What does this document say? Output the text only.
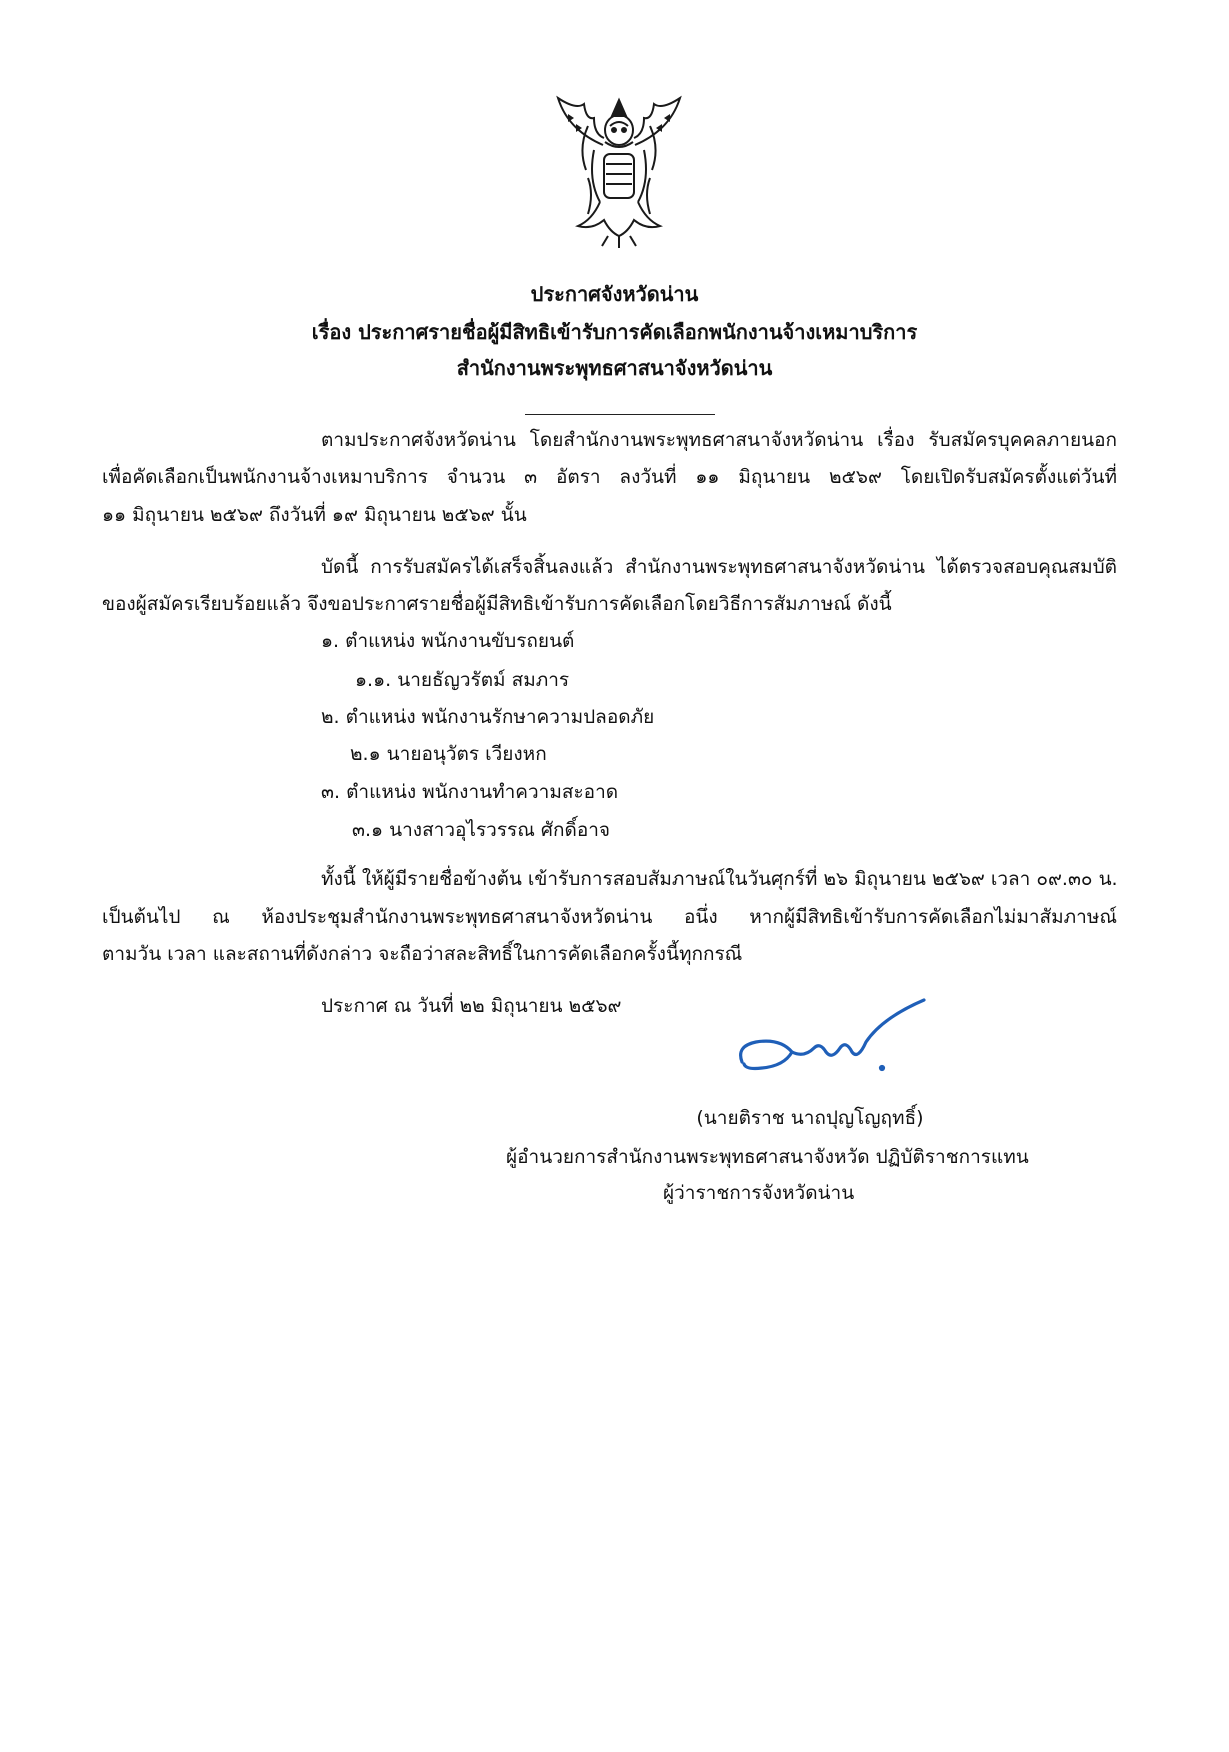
ประกาศจังหวัดน่าน
เรื่อง ประกาศรายชื่อผู้มีสิทธิเข้ารับการคัดเลือกพนักงานจ้างเหมาบริการ
สำนักงานพระพุทธศาสนาจังหวัดน่าน
ตามประกาศจังหวัดน่าน โดยสำนักงานพระพุทธศาสนาจังหวัดน่าน เรื่อง รับสมัครบุคคลภายนอก
เพื่อคัดเลือกเป็นพนักงานจ้างเหมาบริการ จำนวน ๓ อัตรา ลงวันที่ ๑๑ มิถุนายน ๒๕๖๙ โดยเปิดรับสมัครตั้งแต่วันที่
๑๑ มิถุนายน ๒๕๖๙ ถึงวันที่ ๑๙ มิถุนายน ๒๕๖๙ นั้น
บัดนี้ การรับสมัครได้เสร็จสิ้นลงแล้ว สำนักงานพระพุทธศาสนาจังหวัดน่าน ได้ตรวจสอบคุณสมบัติ
ของผู้สมัครเรียบร้อยแล้ว จึงขอประกาศรายชื่อผู้มีสิทธิเข้ารับการคัดเลือกโดยวิธีการสัมภาษณ์ ดังนี้
๑. ตำแหน่ง พนักงานขับรถยนต์
๑.๑. นายธัญวรัตม์ สมภาร
๒. ตำแหน่ง พนักงานรักษาความปลอดภัย
๒.๑ นายอนุวัตร เวียงหก
๓. ตำแหน่ง พนักงานทำความสะอาด
๓.๑ นางสาวอุไรวรรณ ศักดิ์อาจ
ทั้งนี้ ให้ผู้มีรายชื่อข้างต้น เข้ารับการสอบสัมภาษณ์ในวันศุกร์ที่ ๒๖ มิถุนายน ๒๕๖๙ เวลา ๐๙.๓๐ น.
เป็นต้นไป ณ ห้องประชุมสำนักงานพระพุทธศาสนาจังหวัดน่าน อนึ่ง หากผู้มีสิทธิเข้ารับการคัดเลือกไม่มาสัมภาษณ์
ตามวัน เวลา และสถานที่ดังกล่าว จะถือว่าสละสิทธิ์ในการคัดเลือกครั้งนี้ทุกกรณี
ประกาศ ณ วันที่ ๒๒ มิถุนายน ๒๕๖๙
(นายติราช นาถปุญโญฤทธิ์)
ผู้อำนวยการสำนักงานพระพุทธศาสนาจังหวัด ปฏิบัติราชการแทน
ผู้ว่าราชการจังหวัดน่าน
